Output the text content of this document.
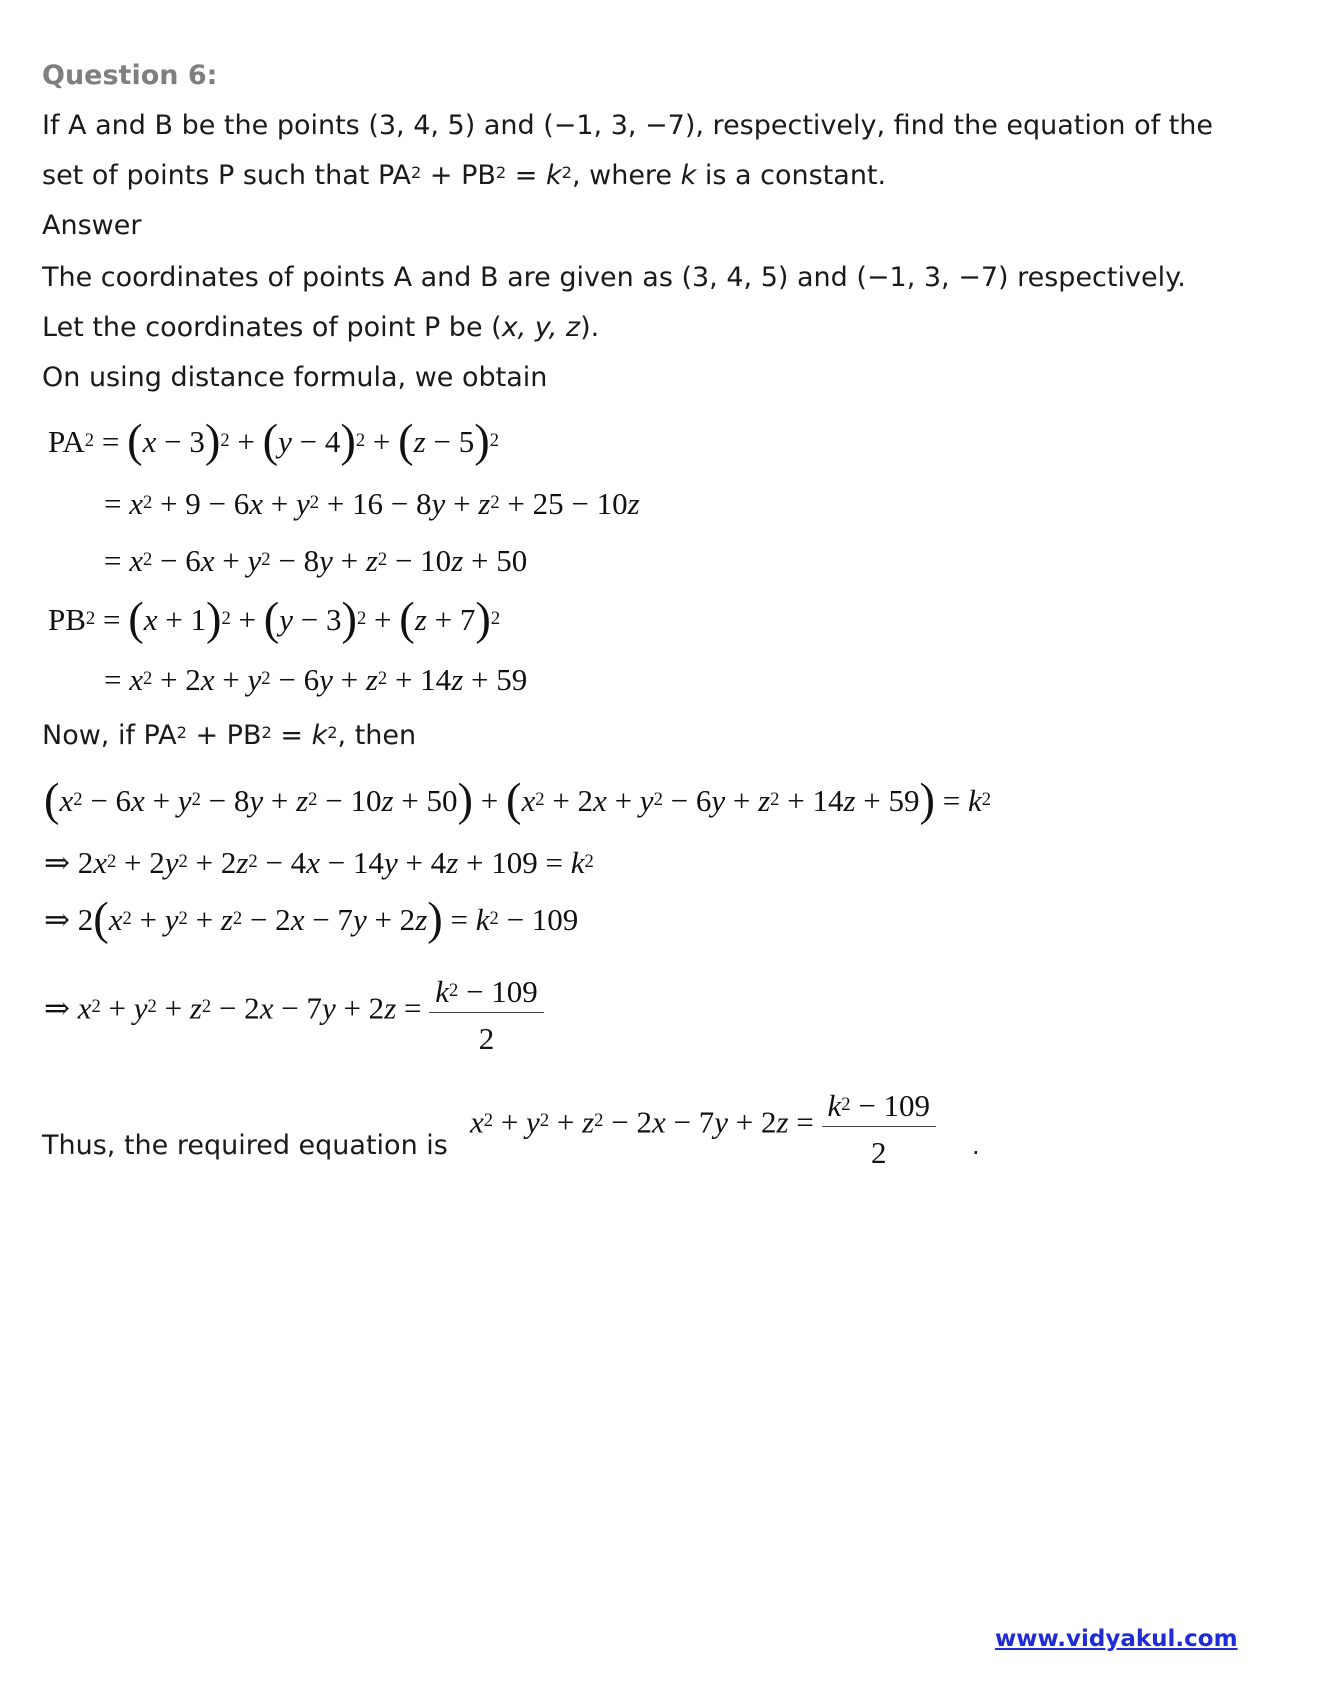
Question 6:
If A and B be the points (3, 4, 5) and (−1, 3, −7), respectively, find the equation of the
set of points P such that $PA^2 + PB^2 = k^2$, where k is a constant.
Answer
The coordinates of points A and B are given as (3, 4, 5) and (−1, 3, −7) respectively.
Let the coordinates of point P be (x, y, z).
On using distance formula, we obtain
$PA^2 = (x - 3)^2 + (y - 4)^2 + (z - 5)^2$
= $x^2 + 9 - 6x + y^2 + 16 - 8y + z^2 + 25 - 10z$
= $x^2 - 6x + y^2 - 8y + z^2 - 10z + 50$
$PB^2 = (x + 1)^2 + (y - 3)^2 + (z + 7)^2$
= $x^2 + 2x + y^2 - 6y + z^2 + 14z + 59$
Now, if $PA^2 + PB^2 = k^2$, then
$(x^2 - 6x + y^2 - 8y + z^2 - 10z + 50) + (x^2 + 2x + y^2 - 6y + z^2 + 14z + 59) = k^2$
⇒ $2x^2 + 2y^2 + 2z^2 - 4x - 14y + 4z + 109 = k^2$
⇒ $2(x^2 + y^2 + z^2 - 2x - 7y + 2z) = k^2 - 109$
⇒ $x^2 + y^2 + z^2 - 2x - 7y + 2z = \frac{k^2 - 109}{2}$
Thus, the required equation is
$x^2 + y^2 + z^2 - 2x - 7y + 2z = \frac{k^2 - 109}{2}$ .
www.vidyakul.com
